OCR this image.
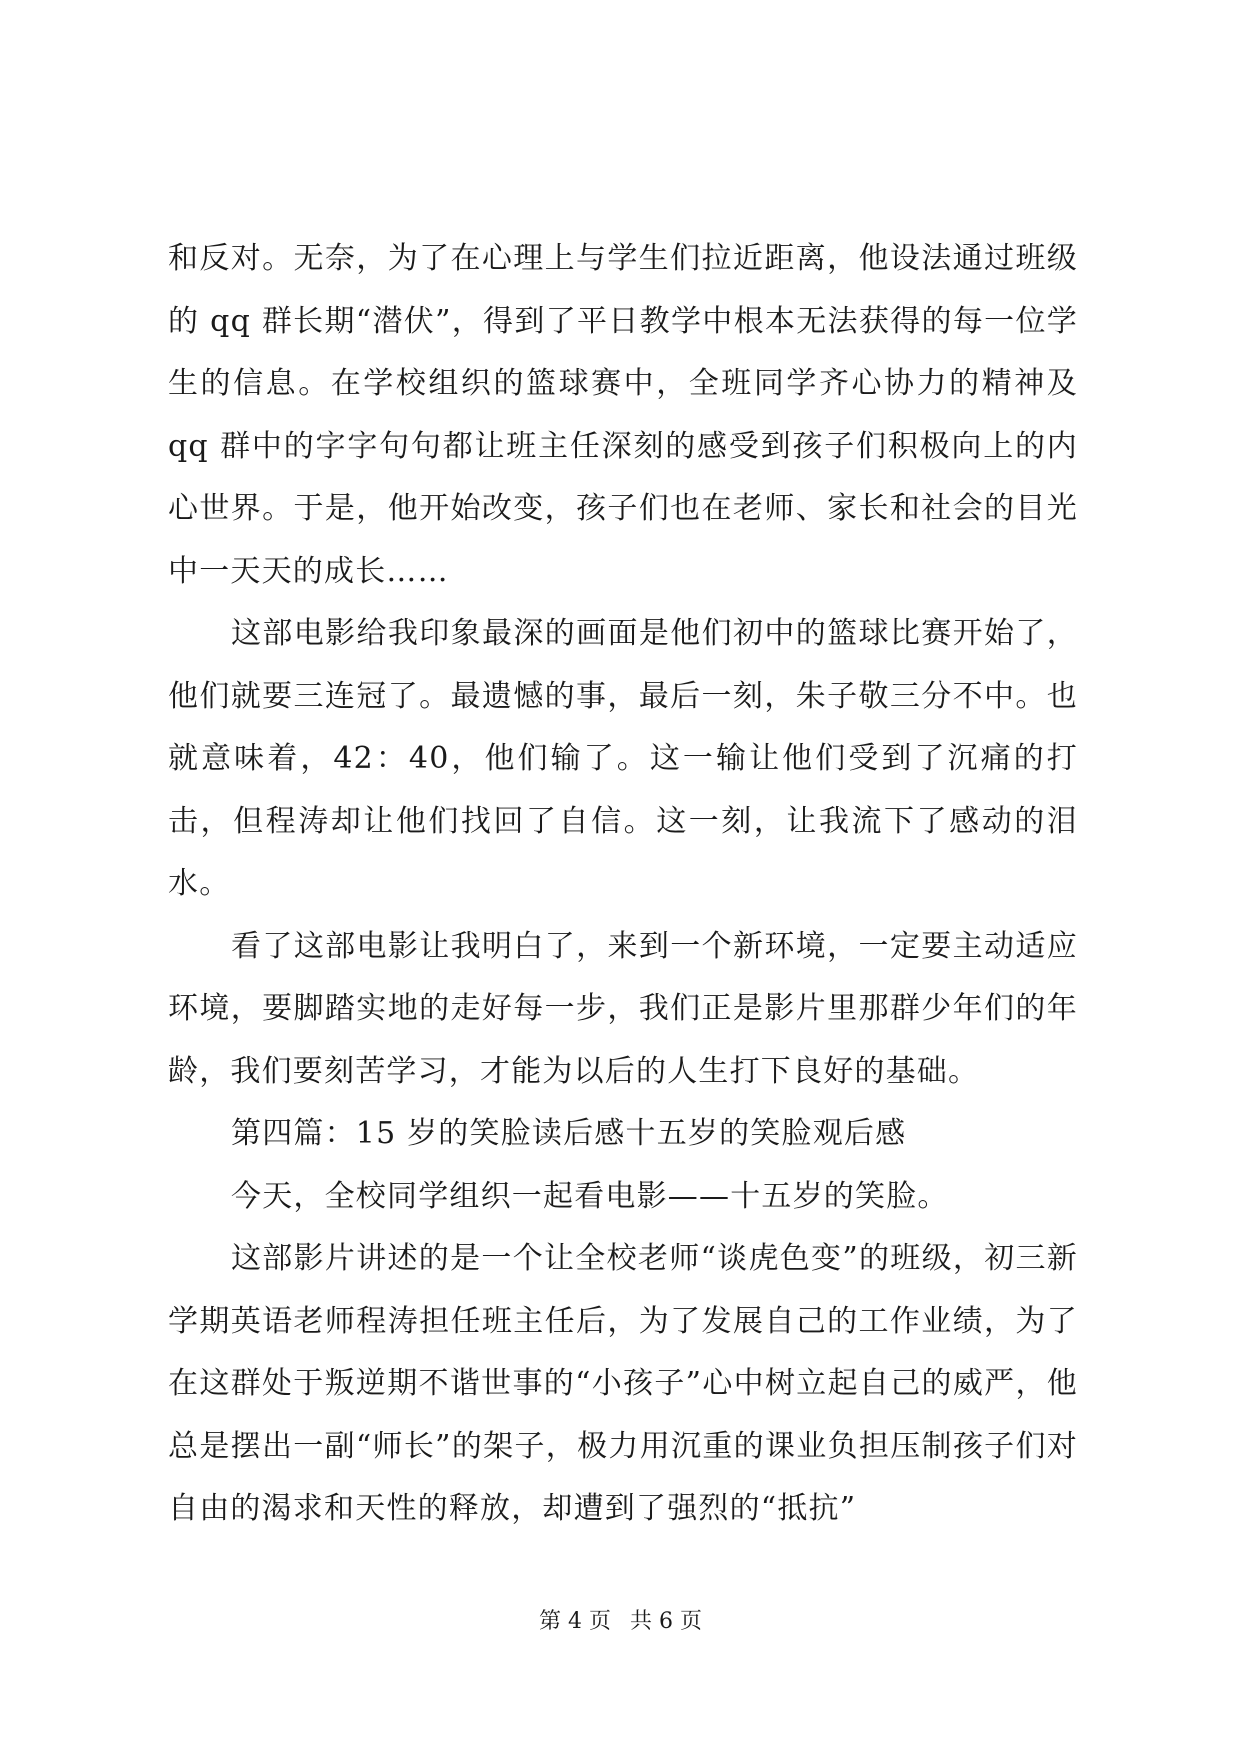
和反对。无奈，为了在心理上与学生们拉近距离，他设法通过班级的 qq 群长期“潜伏”，得到了平日教学中根本无法获得的每一位学生的信息。在学校组织的篮球赛中，全班同学齐心协力的精神及 qq 群中的字字句句都让班主任深刻的感受到孩子们积极向上的内心世界。于是，他开始改变，孩子们也在老师、家长和社会的目光中一天天的成长……

这部电影给我印象最深的画面是他们初中的篮球比赛开始了，他们就要三连冠了。最遗憾的事，最后一刻，朱子敬三分不中。也就意味着，42：40，他们输了。这一输让他们受到了沉痛的打击，但程涛却让他们找回了自信。这一刻，让我流下了感动的泪水。

看了这部电影让我明白了，来到一个新环境，一定要主动适应环境，要脚踏实地的走好每一步，我们正是影片里那群少年们的年龄，我们要刻苦学习，才能为以后的人生打下良好的基础。

第四篇：15 岁的笑脸读后感十五岁的笑脸观后感

今天，全校同学组织一起看电影——十五岁的笑脸。

这部影片讲述的是一个让全校老师“谈虎色变”的班级，初三新学期英语老师程涛担任班主任后，为了发展自己的工作业绩，为了在这群处于叛逆期不谐世事的“小孩子”心中树立起自己的威严，他总是摆出一副“师长”的架子，极力用沉重的课业负担压制孩子们对自由的渴求和天性的释放，却遭到了强烈的“抵抗”

第 4 页 共 6 页
